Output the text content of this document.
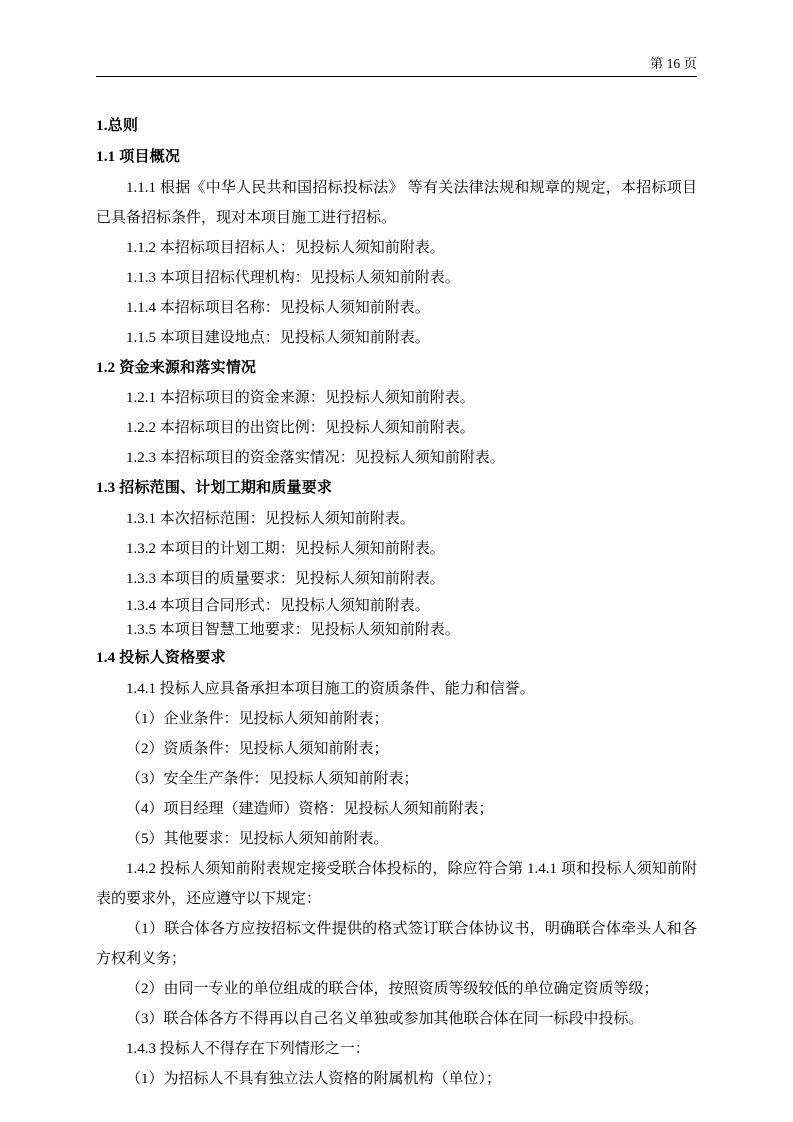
第 16 页

1.总则

1.1 项目概况

1.1.1 根据《中华人民共和国招标投标法》 等有关法律法规和规章的规定，本招标项目已具备招标条件，现对本项目施工进行招标。

1.1.2 本招标项目招标人：见投标人须知前附表。

1.1.3 本项目招标代理机构：见投标人须知前附表。

1.1.4 本招标项目名称：见投标人须知前附表。

1.1.5 本项目建设地点：见投标人须知前附表。

1.2 资金来源和落实情况

1.2.1 本招标项目的资金来源：见投标人须知前附表。

1.2.2 本招标项目的出资比例：见投标人须知前附表。

1.2.3 本招标项目的资金落实情况：见投标人须知前附表。

1.3 招标范围、计划工期和质量要求

1.3.1 本次招标范围：见投标人须知前附表。

1.3.2 本项目的计划工期：见投标人须知前附表。

1.3.3 本项目的质量要求：见投标人须知前附表。

1.3.4 本项目合同形式：见投标人须知前附表。

1.3.5 本项目智慧工地要求：见投标人须知前附表。

1.4 投标人资格要求

1.4.1 投标人应具备承担本项目施工的资质条件、能力和信誉。

（1）企业条件：见投标人须知前附表；

（2）资质条件：见投标人须知前附表；

（3）安全生产条件：见投标人须知前附表；

（4）项目经理（建造师）资格：见投标人须知前附表；

（5）其他要求：见投标人须知前附表。

1.4.2 投标人须知前附表规定接受联合体投标的，除应符合第 1.4.1 项和投标人须知前附表的要求外，还应遵守以下规定：

（1）联合体各方应按招标文件提供的格式签订联合体协议书，明确联合体牵头人和各方权利义务；

（2）由同一专业的单位组成的联合体，按照资质等级较低的单位确定资质等级；

（3）联合体各方不得再以自己名义单独或参加其他联合体在同一标段中投标。

1.4.3 投标人不得存在下列情形之一：

（1）为招标人不具有独立法人资格的附属机构（单位）；
